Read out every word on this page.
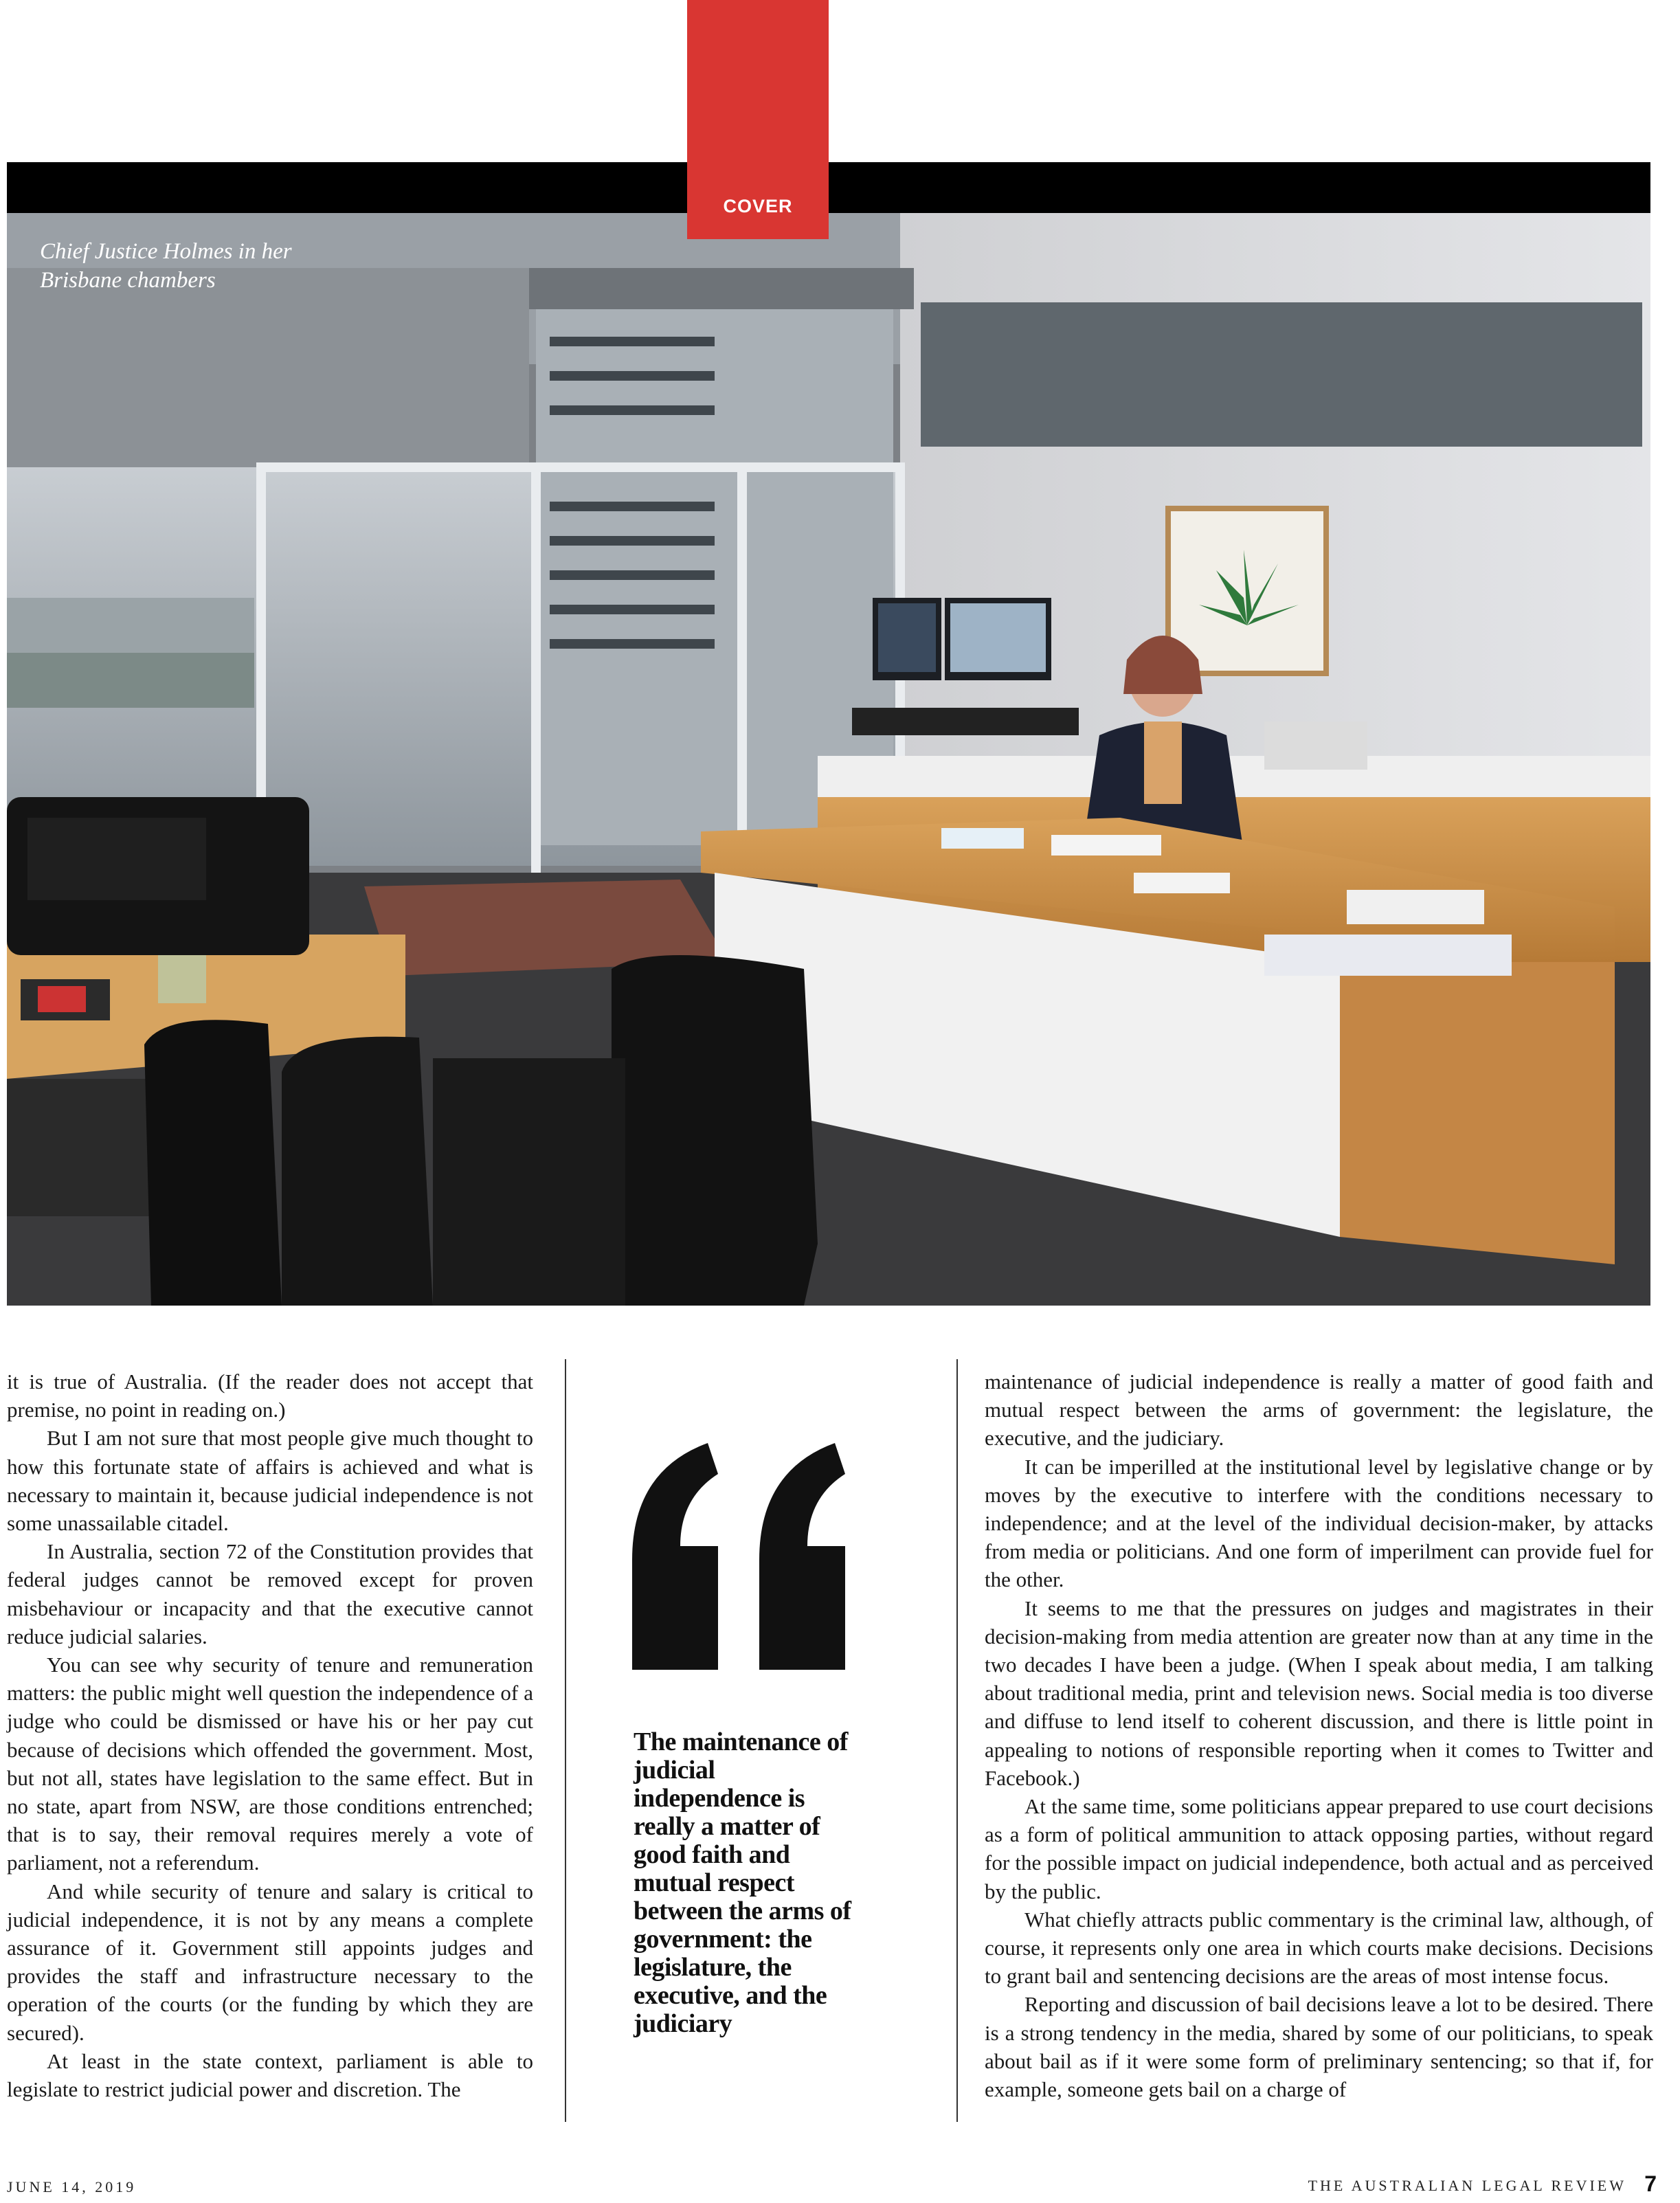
Chief Justice Holmes in her Brisbane chambers
COVER

it is true of Australia. (If the reader does not accept that premise, no point in reading on.)

But I am not sure that most people give much thought to how this fortunate state of affairs is achieved and what is necessary to maintain it, because judicial independence is not some unassailable citadel.

In Australia, section 72 of the Constitution provides that federal judges cannot be removed except for proven misbehaviour or incapacity and that the executive cannot reduce judicial salaries.

You can see why security of tenure and remuneration matters: the public might well question the independence of a judge who could be dismissed or have his or her pay cut because of decisions which offended the government. Most, but not all, states have legislation to the same effect. But in no state, apart from NSW, are those conditions entrenched; that is to say, their removal requires merely a vote of parliament, not a referendum.

And while security of tenure and salary is critical to judicial independence, it is not by any means a complete assurance of it. Government still appoints judges and provides the staff and infrastructure necessary to the operation of the courts (or the funding by which they are secured).

At least in the state context, parliament is able to legislate to restrict judicial power and discretion. The

The maintenance of judicial independence is really a matter of good faith and mutual respect between the arms of government: the legislature, the executive, and the judiciary

maintenance of judicial independence is really a matter of good faith and mutual respect between the arms of government: the legislature, the executive, and the judiciary.

It can be imperilled at the institutional level by legislative change or by moves by the executive to interfere with the conditions necessary to independence; and at the level of the individual decision-maker, by attacks from media or politicians. And one form of imperilment can provide fuel for the other.

It seems to me that the pressures on judges and magistrates in their decision-making from media attention are greater now than at any time in the two decades I have been a judge. (When I speak about media, I am talking about traditional media, print and television news. Social media is too diverse and diffuse to lend itself to coherent discussion, and there is little point in appealing to notions of responsible reporting when it comes to Twitter and Facebook.)

At the same time, some politicians appear prepared to use court decisions as a form of political ammunition to attack opposing parties, without regard for the possible impact on judicial independence, both actual and as perceived by the public.

What chiefly attracts public commentary is the criminal law, although, of course, it represents only one area in which courts make decisions. Decisions to grant bail and sentencing decisions are the areas of most intense focus.

Reporting and discussion of bail decisions leave a lot to be desired. There is a strong tendency in the media, shared by some of our politicians, to speak about bail as if it were some form of preliminary sentencing; so that if, for example, someone gets bail on a charge of

JUNE 14, 2019	THE AUSTRALIAN LEGAL REVIEW 7
